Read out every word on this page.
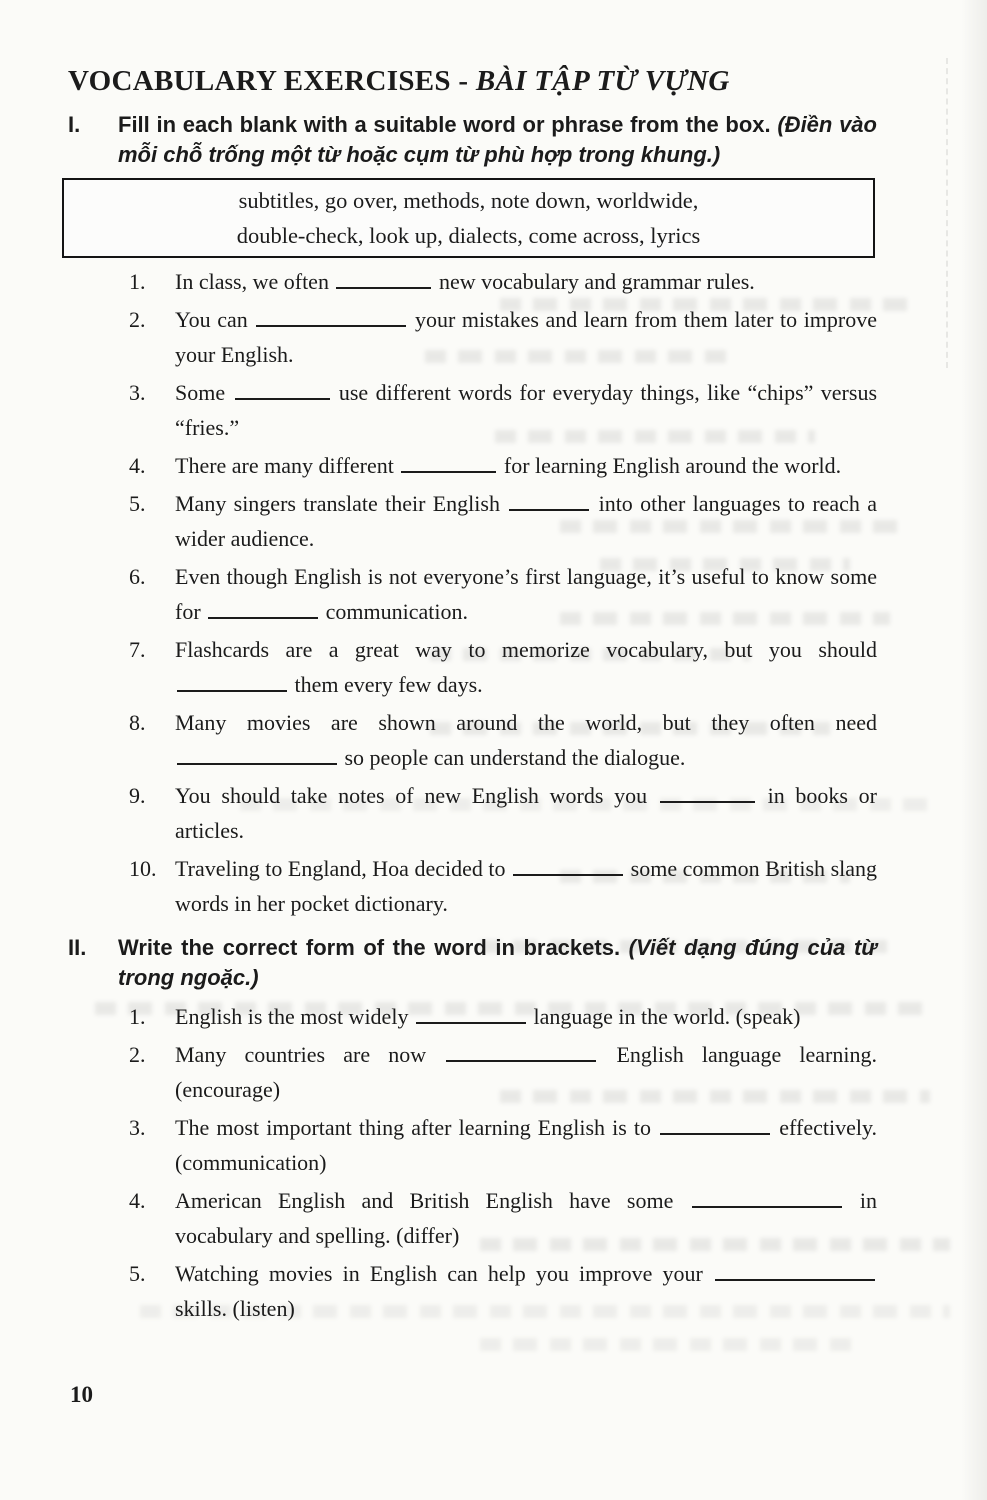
VOCABULARY EXERCISES - BÀI TẬP TỪ VỰNG

I.	Fill in each blank with a suitable word or phrase from the box. (Điền vào mỗi chỗ trống một từ hoặc cụm từ phù hợp trong khung.)

subtitles, go over, methods, note down, worldwide,
double-check, look up, dialects, come across, lyrics
1. In class, we often	new vocabulary and grammar rules.
2. You can	your mistakes and learn from them later to improve your English.
3. Some	use different words for everyday things, like “chips” versus “fries.”
4. There are many different	for learning English around the world.
5. Many singers translate their English	into other languages to reach a wider audience.
6. Even though English is not everyone’s first language, it’s useful to know some for	communication.
7. Flashcards are a great way to memorize vocabulary, but you should  them every few days.
8. Many movies are shown around the world, but they often need  so people can understand the dialogue.
9. You should take notes of new English words you	in books or articles.
10. Traveling to England, Hoa decided to	some common British slang words in her pocket dictionary.

II.	Write the correct form of the word in brackets. (Viết dạng đúng của từ trong ngoặc.)

1. English is the most widely	language in the world. (speak)
2. Many countries are now	English language learning. (encourage)
3. The most important thing after learning English is to	effectively. (communication)
4. American English and British English have some	in vocabulary and spelling. (differ)
5. Watching movies in English can help you improve your  skills. (listen)
10
